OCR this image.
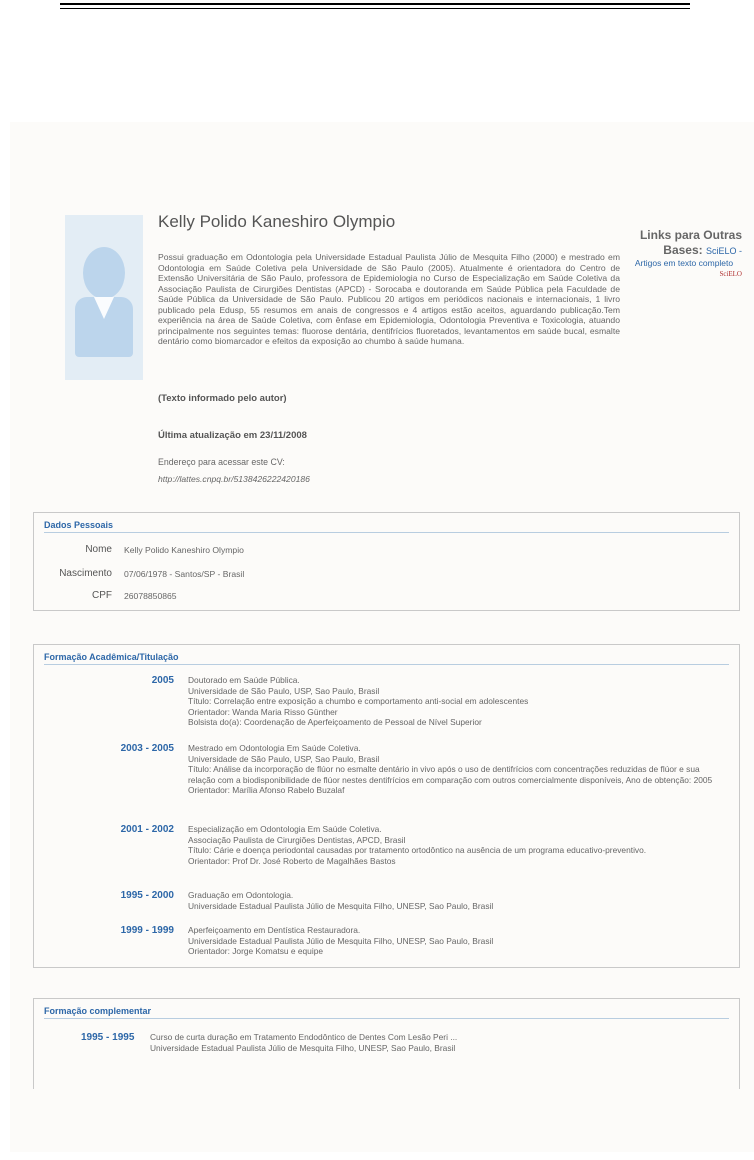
Kelly Polido Kaneshiro Olympio
Possui graduação em Odontologia pela Universidade Estadual Paulista Júlio de Mesquita Filho (2000) e mestrado em Odontologia em Saúde Coletiva pela Universidade de São Paulo (2005). Atualmente é orientadora do Centro de Extensão Universitária de São Paulo, professora de Epidemiologia no Curso de Especialização em Saúde Coletiva da Associação Paulista de Cirurgiões Dentistas (APCD) - Sorocaba e doutoranda em Saúde Pública pela Faculdade de Saúde Pública da Universidade de São Paulo. Publicou 20 artigos em periódicos nacionais e internacionais, 1 livro publicado pela Edusp, 55 resumos em anais de congressos e 4 artigos estão aceitos, aguardando publicação.Tem experiência na área de Saúde Coletiva, com ênfase em Epidemiologia, Odontologia Preventiva e Toxicologia, atuando principalmente nos seguintes temas: fluorose dentária, dentifrícios fluoretados, levantamentos em saúde bucal, esmalte dentário como biomarcador e efeitos da exposição ao chumbo à saúde humana.
(Texto informado pelo autor)
Última atualização em 23/11/2008
Endereço para acessar este CV:
http://lattes.cnpq.br/5138426222420186
Links para Outras
Bases: SciELO -
Artigos em texto completo
SciELO
Dados Pessoais
Nome Kelly Polido Kaneshiro Olympio
Nascimento 07/06/1978 - Santos/SP - Brasil
CPF 26078850865
Formação Acadêmica/Titulação
2005 Doutorado em Saúde Pública.
Universidade de São Paulo, USP, Sao Paulo, Brasil
Título: Correlação entre exposição a chumbo e comportamento anti-social em adolescentes
Orientador: Wanda Maria Risso Günther
Bolsista do(a): Coordenação de Aperfeiçoamento de Pessoal de Nível Superior
2003 - 2005 Mestrado em Odontologia Em Saúde Coletiva.
Universidade de São Paulo, USP, Sao Paulo, Brasil
Título: Análise da incorporação de flúor no esmalte dentário in vivo após o uso de dentifrícios com concentrações reduzidas de flúor e sua relação com a biodisponibilidade de flúor nestes dentifrícios em comparação com outros comercialmente disponíveis, Ano de obtenção: 2005
Orientador: Marília Afonso Rabelo Buzalaf
2001 - 2002 Especialização em Odontologia Em Saúde Coletiva.
Associação Paulista de Cirurgiões Dentistas, APCD, Brasil
Título: Cárie e doença periodontal causadas por tratamento ortodôntico na ausência de um programa educativo-preventivo.
Orientador: Prof Dr. José Roberto de Magalhães Bastos
1995 - 2000 Graduação em Odontologia.
Universidade Estadual Paulista Júlio de Mesquita Filho, UNESP, Sao Paulo, Brasil
1999 - 1999 Aperfeiçoamento em Dentística Restauradora.
Universidade Estadual Paulista Júlio de Mesquita Filho, UNESP, Sao Paulo, Brasil
Orientador: Jorge Komatsu e equipe
Formação complementar
1995 - 1995 Curso de curta duração em Tratamento Endodôntico de Dentes Com Lesão Peri ...
Universidade Estadual Paulista Júlio de Mesquita Filho, UNESP, Sao Paulo, Brasil
